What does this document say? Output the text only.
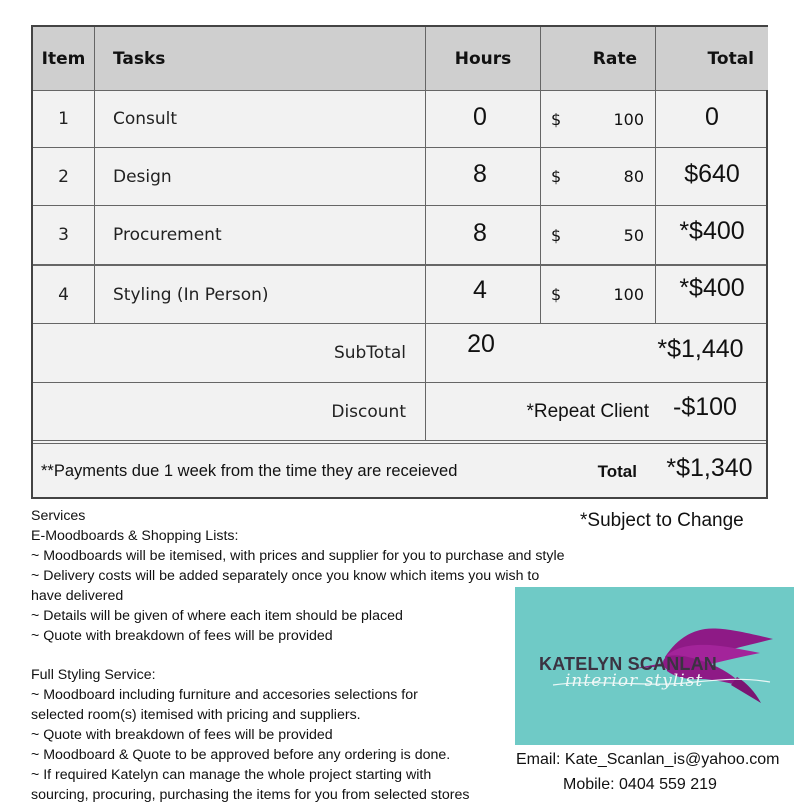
Item	Tasks	Hours	Rate	Total
1	Consult	0	$	100	0
2	Design	8	$	80	$640
3	Procurement	8	$	50	*$400
4	Styling (In Person)	4	$	100	*$400
SubTotal	20	*$1,440
Discount	*Repeat Client -$100
**Payments due 1 week from the time they are receieved	Total	*$1,340
*Subject to Change

Services

E-Moodboards & Shopping Lists:

~ Moodboards will be itemised, with prices and supplier for you to purchase and style

~ Delivery costs will be added separately once you know which items you wish to

have delivered

~ Details will be given of where each item should be placed

~ Quote with breakdown of fees will be provided

Full Styling Service:

~ Moodboard including furniture and accesories selections for

selected room(s) itemised with pricing and suppliers.

~ Quote with breakdown of fees will be provided

~ Moodboard & Quote to be approved before any ordering is done.

~ If required Katelyn can manage the whole project starting with

sourcing, procuring, purchasing the items for you from selected stores

KATELYN SCANLAN
interior stylist
Email: Kate_Scanlan_is@yahoo.com
Mobile: 0404 559 219
